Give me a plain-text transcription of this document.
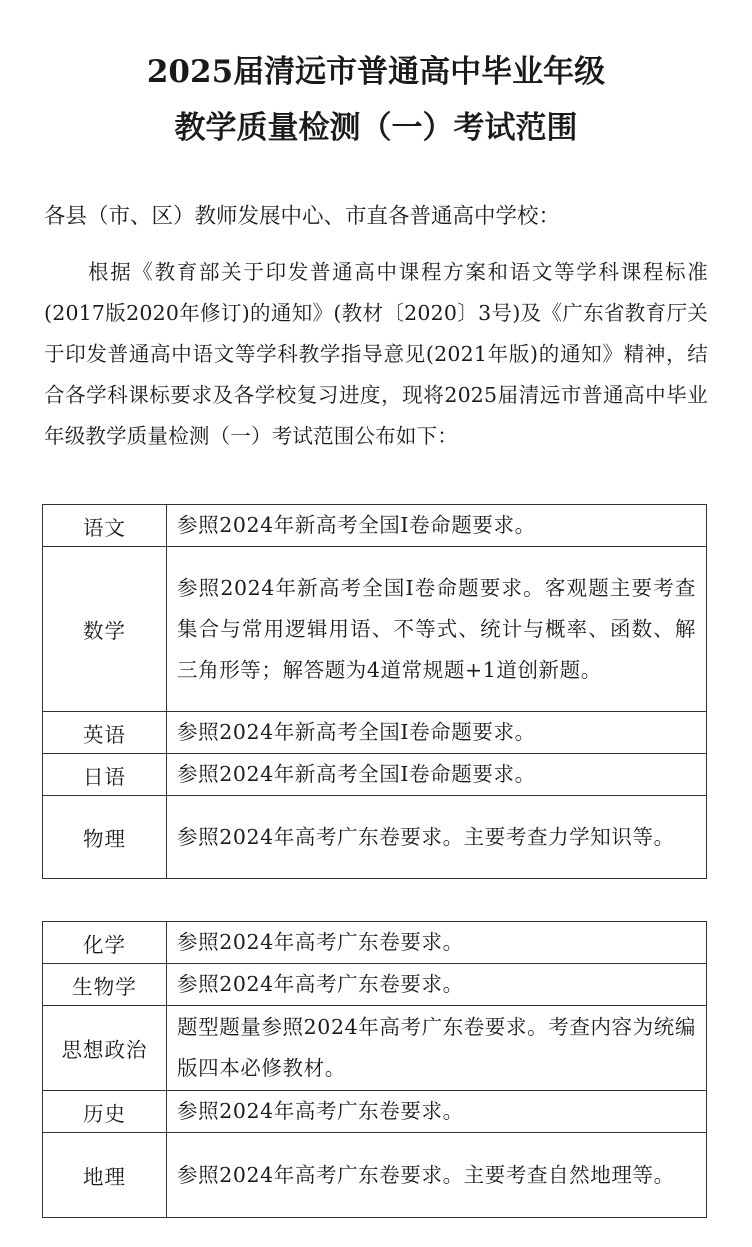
2025届清远市普通高中毕业年级
教学质量检测（一）考试范围
各县（市、区）教师发展中心、市直各普通高中学校：
根据《教育部关于印发普通高中课程方案和语文等学科课程标准(2017版2020年修订)的通知》(教材〔2020〕3号)及《广东省教育厅关于印发普通高中语文等学科教学指导意见(2021年版)的通知》精神，结合各学科课标要求及各学校复习进度，现将2025届清远市普通高中毕业年级教学质量检测（一）考试范围公布如下：
语文	参照2024年新高考全国Ⅰ卷命题要求。
数学	参照2024年新高考全国Ⅰ卷命题要求。客观题主要考查集合与常用逻辑用语、不等式、统计与概率、函数、解三角形等；解答题为4道常规题+1道创新题。
英语	参照2024年新高考全国Ⅰ卷命题要求。
日语	参照2024年新高考全国Ⅰ卷命题要求。
物理	参照2024年高考广东卷要求。主要考查力学知识等。
化学	参照2024年高考广东卷要求。
生物学	参照2024年高考广东卷要求。
思想政治	题型题量参照2024年高考广东卷要求。考查内容为统编版四本必修教材。
历史	参照2024年高考广东卷要求。
地理	参照2024年高考广东卷要求。主要考查自然地理等。
